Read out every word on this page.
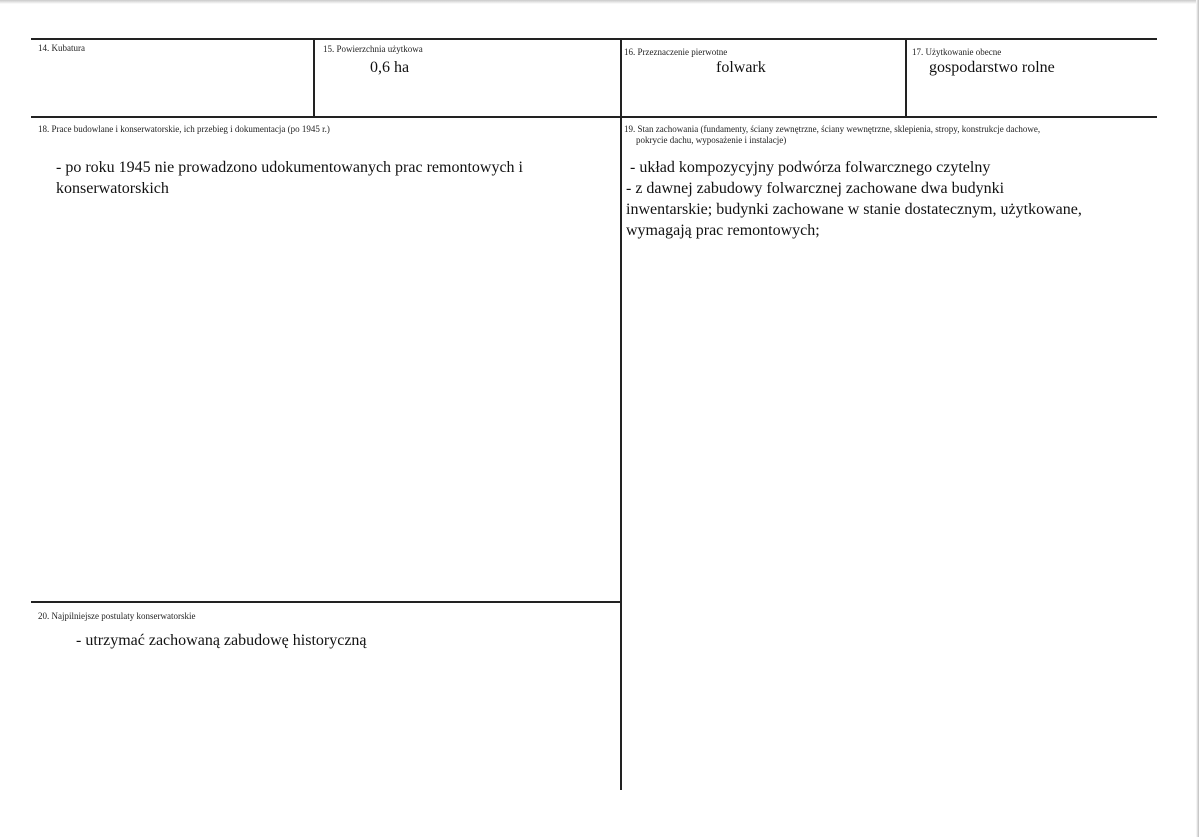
14. Kubatura	15. Powierzchnia użytkowa
0,6 ha
16. Przeznaczenie pierwotne
folwark
17. Użytkowanie obecne
gospodarstwo rolne
18. Prace budowlane i konserwatorskie, ich przebieg i dokumentacja (po 1945 r.)

- po roku 1945 nie prowadzono udokumentowanych prac remontowych i

konserwatorskich

19. Stan zachowania (fundamenty, ściany zewnętrzne, ściany wewnętrzne, sklepienia, stropy, konstrukcje dachowe,
pokrycie dachu, wyposażenie i instalacje)

- układ kompozycyjny podwórza folwarcznego czytelny

- z dawnej zabudowy folwarcznej zachowane dwa budynki

inwentarskie; budynki zachowane w stanie dostatecznym, użytkowane,

wymagają prac remontowych;

20. Najpilniejsze postulaty konserwatorskie

- utrzymać zachowaną zabudowę historyczną
